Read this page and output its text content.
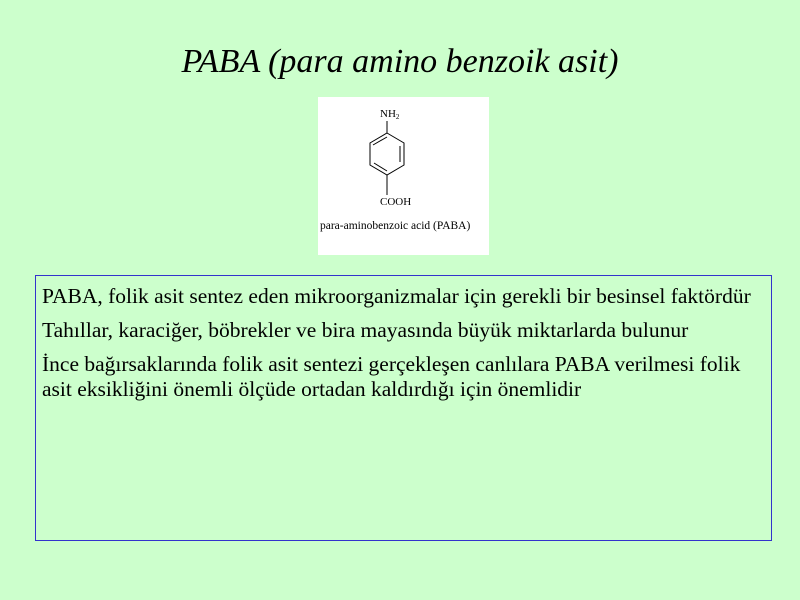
PABA (para amino benzoik asit)
$NH_2$
COOH
para-aminobenzoic acid (PABA)

PABA, folik asit sentez eden mikroorganizmalar için gerekli bir besinsel faktördür

Tahıllar, karaciğer, böbrekler ve bira mayasında büyük miktarlarda bulunur

İnce bağırsaklarında folik asit sentezi gerçekleşen canlılara PABA verilmesi folik asit eksikliğini önemli ölçüde ortadan kaldırdığı için önemlidir
